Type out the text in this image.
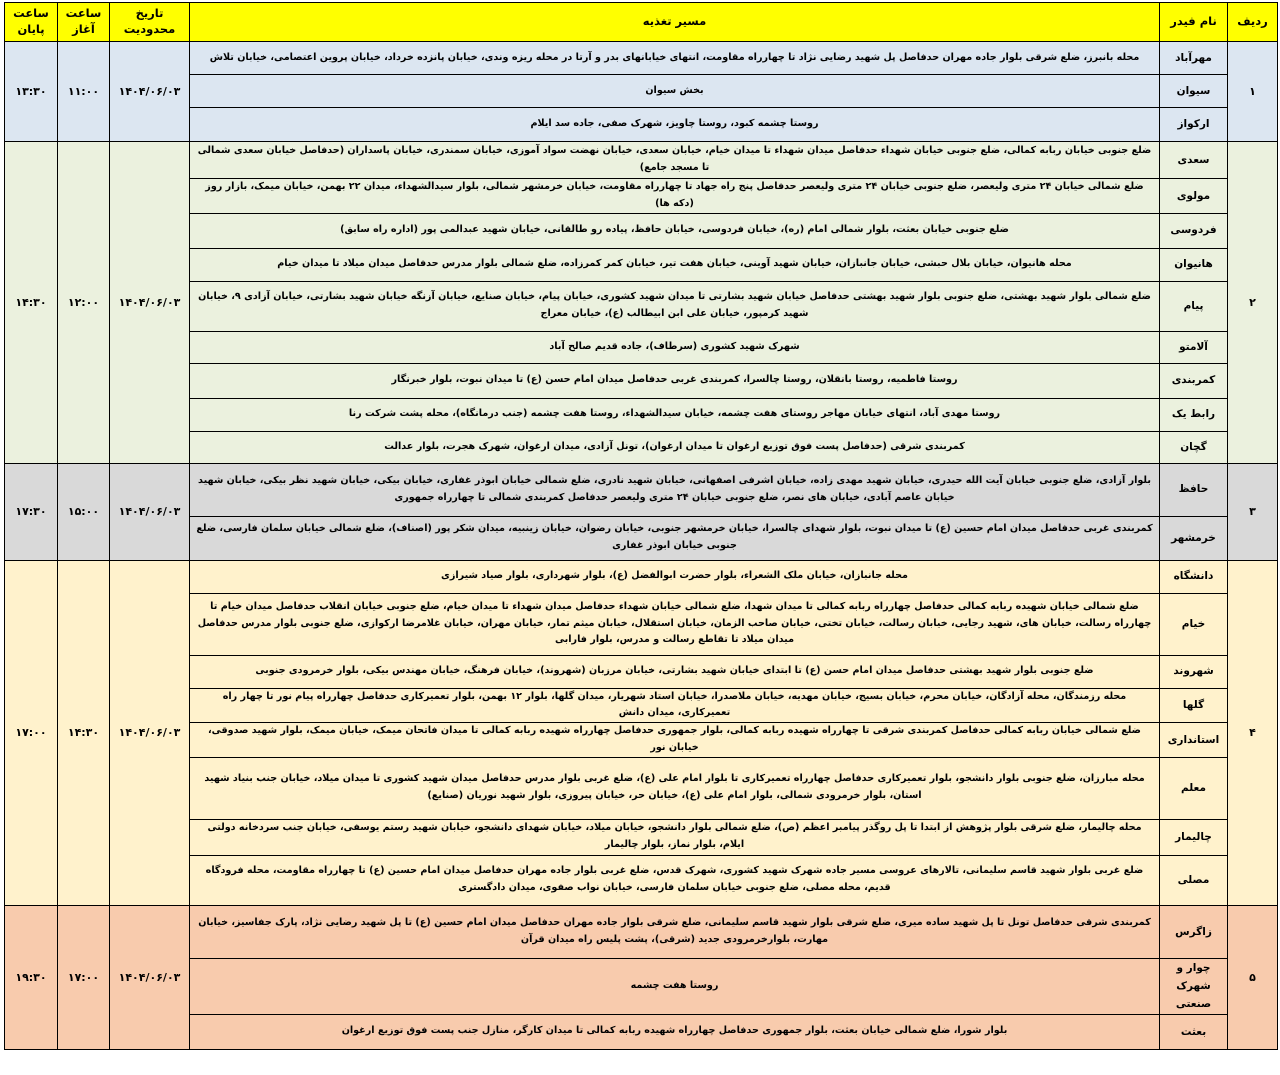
ردیف	نام فیدر	مسیر تغذیه	تاریخ محدودیت	ساعت آغاز	ساعت پایان
۱	مهرآباد	محله بانبرز، ضلع شرقی بلوار جاده مهران حدفاصل پل شهید رضایی نژاد تا چهارراه مقاومت، انتهای خیابانهای بدر و آرتا در محله ریزه وندی، خیابان پانزده خرداد، خیابان پروین اعتصامی، خیابان تلاش	۱۴۰۴/۰۶/۰۳	۱۱:۰۰	۱۳:۳۰
	سیوان	بخش سیوان			
	ارکواز	روستا چشمه کبود، روستا چاویز، شهرک صفی، جاده سد ایلام			
۲	سعدی	ضلع جنوبی خیابان ربابه کمالی، ضلع جنوبی خیابان شهداء حدفاصل میدان شهداء تا میدان خیام، خیابان سعدی، خیابان نهضت سواد آموزی، خیابان سمندری، خیابان پاسداران (حدفاصل خیابان سعدی شمالی تا مسجد جامع)	۱۴۰۴/۰۶/۰۳	۱۲:۰۰	۱۴:۳۰
	مولوی	ضلع شمالی خیابان ۲۴ متری ولیعصر، ضلع جنوبی خیابان ۲۴ متری ولیعصر حدفاصل پنج راه جهاد تا چهارراه مقاومت، خیابان خرمشهر شمالی، بلوار سیدالشهداء، میدان ۲۲ بهمن، خیابان میمک، بازار روز (دکه ها)			
	فردوسی	ضلع جنوبی خیابان بعثت، بلوار شمالی امام (ره)، خیابان فردوسی، خیابان حافظ، پیاده رو طالقانی، خیابان شهید عبدالمی پور (اداره راه سابق)			
	هانیوان	محله هانیوان، خیابان بلال حبشی، خیابان جانبازان، خیابان شهید آوینی، خیابان هفت تیر، خیابان کمر کمرزاده، ضلع شمالی بلوار مدرس حدفاصل میدان میلاد تا میدان خیام			
	پیام	ضلع شمالی بلوار شهید بهشتی، ضلع جنوبی بلوار شهید بهشتی حدفاصل خیابان شهید بشارتی تا میدان شهید کشوری، خیابان پیام، خیابان صنایع، خیابان آزنگه خیابان شهید بشارتی، خیابان آزادی ۹، خیابان شهید کرمپور، خیابان علی ابن ابیطالب (ع)، خیابان معراج			
	آلامتو	شهرک شهید کشوری (سرطاف)، جاده قدیم صالح آباد			
	کمربندی	روستا فاطمیه، روستا بانقلان، روستا چالسرا، کمربندی غربی حدفاصل میدان امام حسن (ع) تا میدان نبوت، بلوار خبرنگار			
	رابط یک	روستا مهدی آباد، انتهای خیابان مهاجر روستای هفت چشمه، خیابان سیدالشهداء، روستا هفت چشمه (جنب درمانگاه)، محله پشت شرکت رنا			
	گچان	کمربندی شرقی (حدفاصل پست فوق توزیع ارغوان تا میدان ارغوان)، تونل آزادی، میدان ارغوان، شهرک هجرت، بلوار عدالت			
۳	حافظ	بلوار آزادی، ضلع جنوبی خیابان آیت الله حیدری، خیابان شهید مهدی زاده، خیابان اشرفی اصفهانی، خیابان شهید نادری، ضلع شمالی خیابان ابوذر غفاری، خیابان بیکی، خیابان شهید نظر بیکی، خیابان شهید خیابان عاصم آبادی، خیابان های نصر، ضلع جنوبی خیابان ۲۴ متری ولیعصر حدفاصل کمربندی شمالی تا چهارراه جمهوری	۱۴۰۴/۰۶/۰۳	۱۵:۰۰	۱۷:۳۰
	خرمشهر	کمربندی غربی حدفاصل میدان امام حسین (ع) تا میدان نبوت، بلوار شهدای چالسرا، خیابان خرمشهر جنوبی، خیابان رضوان، خیابان زینبیه، میدان شکر پور (اصناف)، ضلع شمالی خیابان سلمان فارسی، ضلع جنوبی خیابان ابوذر غفاری			
۴	دانشگاه	محله جانبازان، خیابان ملک الشعراء، بلوار حضرت ابوالفضل (ع)، بلوار شهرداری، بلوار صیاد شیرازی	۱۴۰۴/۰۶/۰۳	۱۴:۳۰	۱۷:۰۰
	خیام	ضلع شمالی خیابان شهیده ربابه کمالی حدفاصل چهارراه ربابه کمالی تا میدان شهدا، ضلع شمالی خیابان شهداء حدفاصل میدان شهداء تا میدان خیام، ضلع جنوبی خیابان انقلاب حدفاصل میدان خیام تا چهارراه رسالت، خیابان های، شهید رجایی، خیابان رسالت، خیابان تختی، خیابان صاحب الزمان، خیابان استقلال، خیابان میثم تمار، خیابان مهران، خیابان غلامرضا ارکوازی، ضلع جنوبی بلوار مدرس حدفاصل میدان میلاد تا تقاطع رسالت و مدرس، بلوار فارابی			
	شهروند	ضلع جنوبی بلوار شهید بهشتی حدفاصل میدان امام حسن (ع) تا ابتدای خیابان شهید بشارتی، خیابان مرزبان (شهروند)، خیابان فرهنگ، خیابان مهندس بیکی، بلوار خرمرودی جنوبی			
	گلها	محله رزمندگان، محله آزادگان، خیابان محرم، خیابان بسیج، خیابان مهدیه، خیابان ملاصدرا، خیابان استاد شهریار، میدان گلها، بلوار ۱۲ بهمن، بلوار تعمیرکاری حدفاصل چهارراه پیام نور تا چهار راه تعمیرکاری، میدان دانش			
	استانداری	ضلع شمالی خیابان ربابه کمالی حدفاصل کمربندی شرقی تا چهارراه شهیده ربابه کمالی، بلوار جمهوری حدفاصل چهارراه شهیده ربابه کمالی تا میدان فاتحان میمک، خیابان میمک، بلوار شهید صدوقی، خیابان نور			
	معلم	محله مبارزان، ضلع جنوبی بلوار دانشجو، بلوار تعمیرکاری حدفاصل چهارراه تعمیرکاری تا بلوار امام علی (ع)، ضلع غربی بلوار مدرس حدفاصل میدان شهید کشوری تا میدان میلاد، خیابان جنب بنیاد شهید استان، بلوار خرمرودی شمالی، بلوار امام علی (ع)، خیابان حر، خیابان پیروزی، بلوار شهید نوریان (صنایع)			
	چالیمار	محله چالیمار، ضلع شرقی بلوار پژوهش از ابتدا تا پل روگذر پیامبر اعظم (ص)، ضلع شمالی بلوار دانشجو، خیابان میلاد، خیابان شهدای دانشجو، خیابان شهید رستم یوسفی، خیابان جنب سردخانه دولتی ایلام، بلوار نماز، بلوار چالیمار			
	مصلی	ضلع غربی بلوار شهید قاسم سلیمانی، تالارهای عروسی مسیر جاده شهرک شهید کشوری، شهرک قدس، ضلع غربی بلوار جاده مهران حدفاصل میدان امام حسین (ع) تا چهارراه مقاومت، محله فرودگاه قدیم، محله مصلی، ضلع جنوبی خیابان سلمان فارسی، خیابان نواب صفوی، میدان دادگستری			
۵	زاگرس	کمربندی شرقی حدفاصل تونل تا پل شهید ساده میری، ضلع شرقی بلوار شهید قاسم سلیمانی، ضلع شرقی بلوار جاده مهران حدفاصل میدان امام حسین (ع) تا پل شهید رضایی نژاد، پارک جفاسیز، خیابان مهارت، بلوارخرمرودی جدید (شرقی)، پشت پلیس راه میدان قرآن	۱۴۰۴/۰۶/۰۳	۱۷:۰۰	۱۹:۳۰
	چوار و شهرک صنعتی	روستا هفت چشمه			
	بعثت	بلوار شورا، ضلع شمالی خیابان بعثت، بلوار جمهوری حدفاصل چهارراه شهیده ربابه کمالی تا میدان کارگر، منازل جنب پست فوق توزیع ارغوان			
